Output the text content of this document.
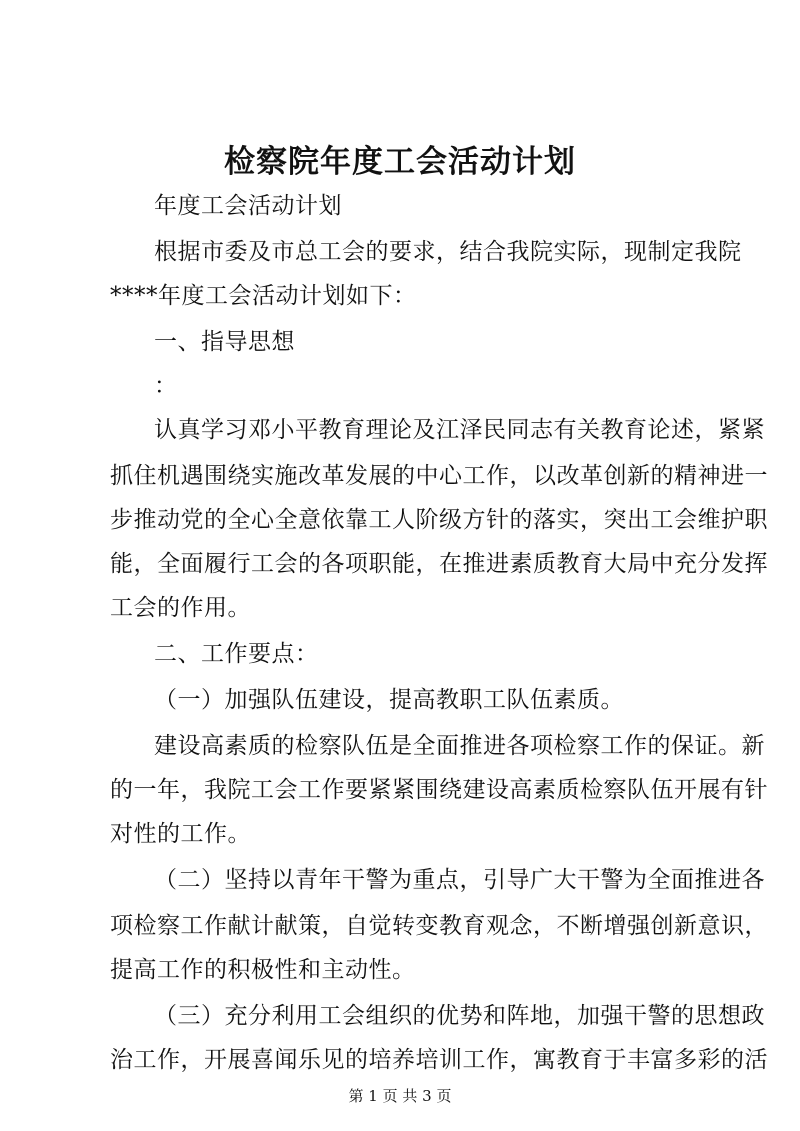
检察院年度工会活动计划
年度工会活动计划
根据市委及市总工会的要求，结合我院实际，现制定我院
****年度工会活动计划如下：
一、指导思想
：
认真学习邓小平教育理论及江泽民同志有关教育论述，紧紧
抓住机遇围绕实施改革发展的中心工作，以改革创新的精神进一
步推动党的全心全意依靠工人阶级方针的落实，突出工会维护职
能，全面履行工会的各项职能，在推进素质教育大局中充分发挥
工会的作用。
二、工作要点：
（一）加强队伍建设，提高教职工队伍素质。
建设高素质的检察队伍是全面推进各项检察工作的保证。新
的一年，我院工会工作要紧紧围绕建设高素质检察队伍开展有针
对性的工作。
（二）坚持以青年干警为重点，引导广大干警为全面推进各
项检察工作献计献策，自觉转变教育观念，不断增强创新意识，
提高工作的积极性和主动性。
（三）充分利用工会组织的优势和阵地，加强干警的思想政
治工作，开展喜闻乐见的培养培训工作，寓教育于丰富多彩的活
第 1 页 共 3 页
